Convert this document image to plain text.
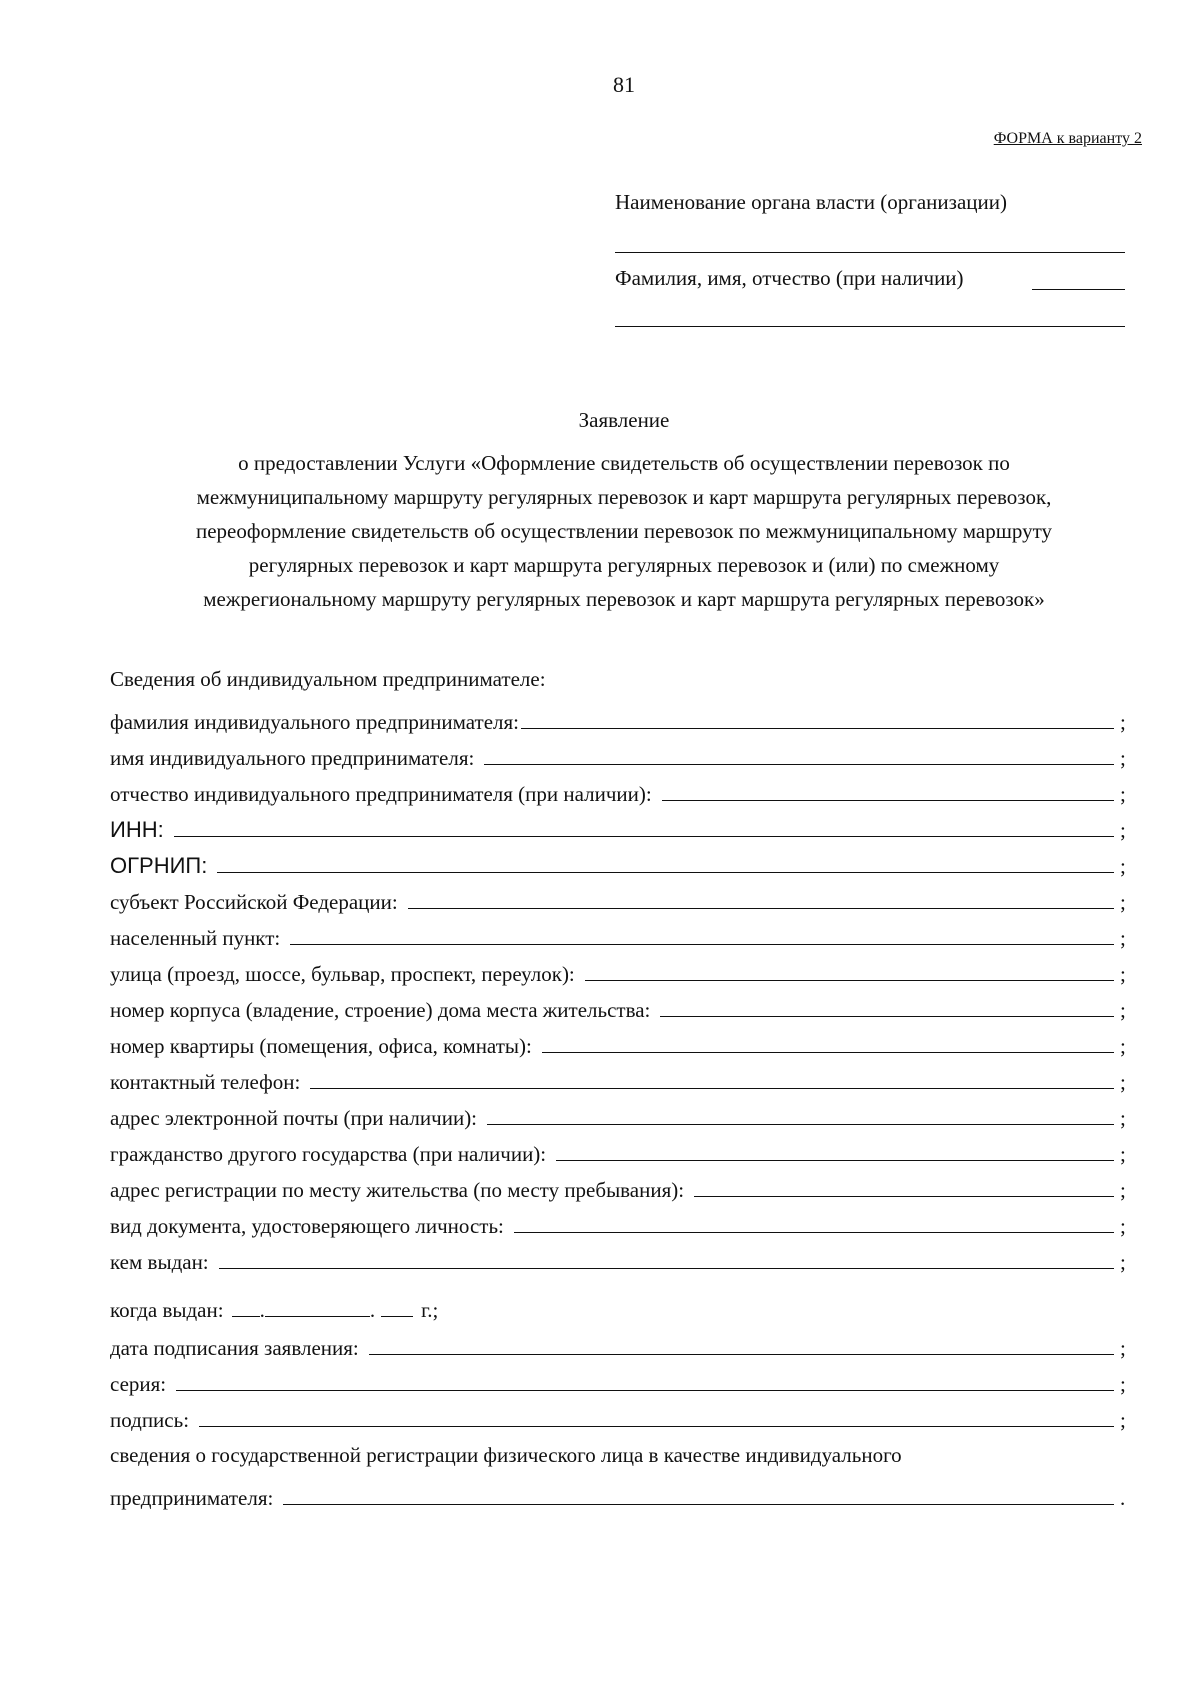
81
ФОРМА к варианту 2
Наименование органа власти (организации)
Фамилия, имя, отчество (при наличии)
Заявление
о предоставлении Услуги «Оформление свидетельств об осуществлении перевозок по
межмуниципальному маршруту регулярных перевозок и карт маршрута регулярных перевозок,
переоформление свидетельств об осуществлении перевозок по межмуниципальному маршруту
регулярных перевозок и карт маршрута регулярных перевозок и (или) по смежному
межрегиональному маршруту регулярных перевозок и карт маршрута регулярных перевозок»
Сведения об индивидуальном предпринимателе:
фамилия индивидуального предпринимателя:	;
имя индивидуального предпринимателя:	;
отчество индивидуального предпринимателя (при наличии):	;
ИНН:	;
ОГРНИП:	;
субъект Российской Федерации:	;
населенный пункт:	;
улица (проезд, шоссе, бульвар, проспект, переулок):	;
номер корпуса (владение, строение) дома места жительства:	;
номер квартиры (помещения, офиса, комнаты):	;
контактный телефон:	;
адрес электронной почты (при наличии):	;
гражданство другого государства (при наличии):	;
адрес регистрации по месту жительства (по месту пребывания):	;
вид документа, удостоверяющего личность:	;
кем выдан:	;
когда выдан: .	. г.;
дата подписания заявления:	;
серия:	;
подпись:	;
сведения о государственной регистрации физического лица в качестве индивидуального
предпринимателя:	.
